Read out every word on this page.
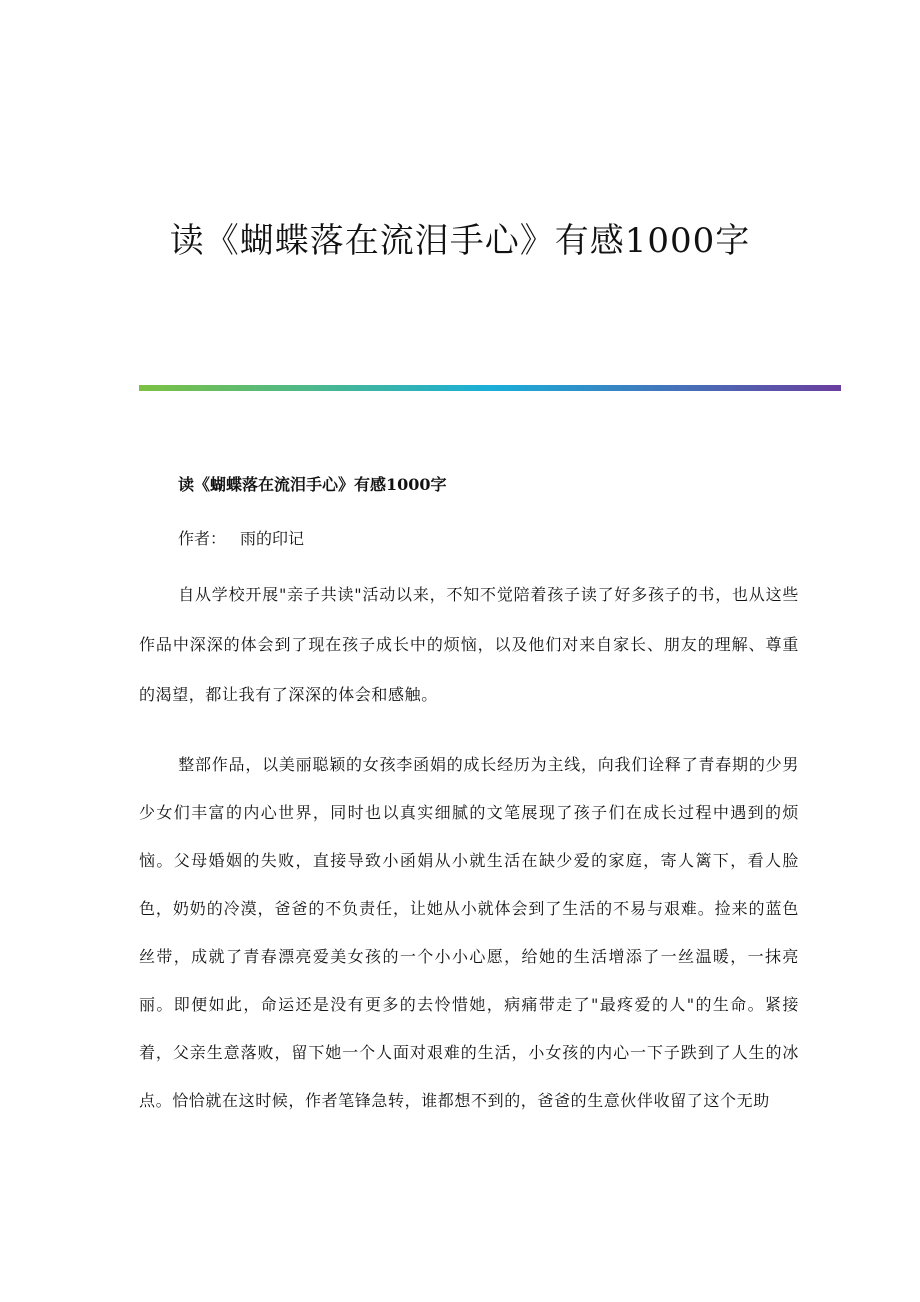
读《蝴蝶落在流泪手心》有感1000字

读《蝴蝶落在流泪手心》有感1000字

作者： 雨的印记

自从学校开展"亲子共读"活动以来，不知不觉陪着孩子读了好多孩子的书，也从这些作品中深深的体会到了现在孩子成长中的烦恼，以及他们对来自家长、朋友的理解、尊重的渴望，都让我有了深深的体会和感触。

整部作品，以美丽聪颖的女孩李函娟的成长经历为主线，向我们诠释了青春期的少男少女们丰富的内心世界，同时也以真实细腻的文笔展现了孩子们在成长过程中遇到的烦恼。父母婚姻的失败，直接导致小函娟从小就生活在缺少爱的家庭，寄人篱下，看人脸色，奶奶的冷漠，爸爸的不负责任，让她从小就体会到了生活的不易与艰难。捡来的蓝色丝带，成就了青春漂亮爱美女孩的一个小小心愿，给她的生活增添了一丝温暖，一抹亮丽。即便如此，命运还是没有更多的去怜惜她，病痛带走了"最疼爱的人"的生命。紧接着，父亲生意落败，留下她一个人面对艰难的生活，小女孩的内心一下子跌到了人生的冰点。恰恰就在这时候，作者笔锋急转，谁都想不到的，爸爸的生意伙伴收留了这个无助
